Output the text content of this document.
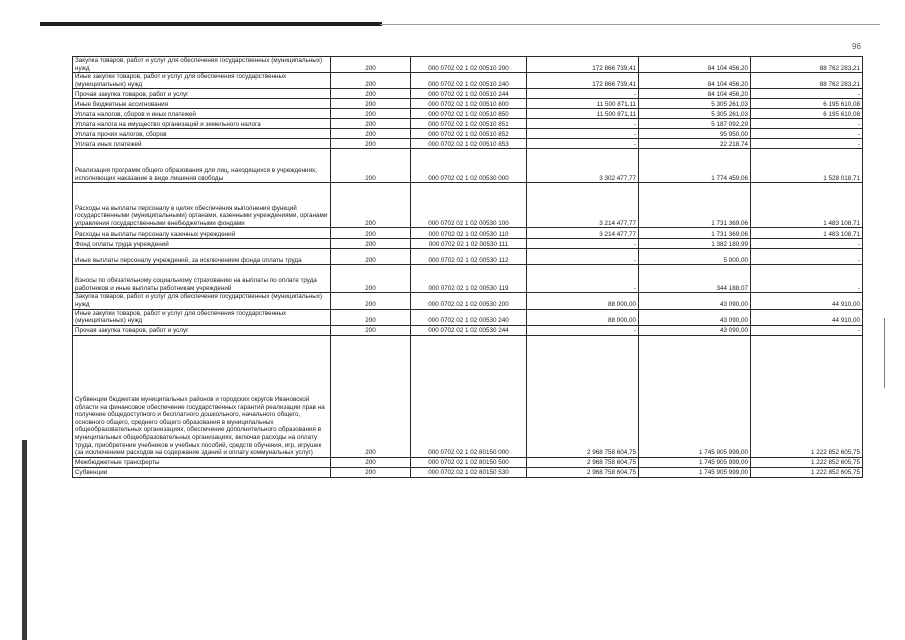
96
Закупка товаров, работ и услуг для обеспечения государственных (муниципальных) нужд	200	000 0702 02 1 02 00510 200	172 866 739,41	84 104 456,20	88 762 283,21
Иные закупки товаров, работ и услуг для обеспечения государственных (муниципальных) нужд	200	000 0702 02 1 02 00510 240	172 866 739,41	84 104 456,20	88 762 283,21
Прочая закупка товаров, работ и услуг	200	000 0702 02 1 02 00510 244	-	84 104 456,20	-
Иные бюджетные ассигнования	200	000 0702 02 1 02 00510 800	11 500 871,11	5 305 261,03	6 195 610,08
Уплата налогов, сборов и иных платежей	200	000 0702 02 1 02 00510 850	11 500 871,11	5 305 261,03	6 195 610,08
Уплата налога на имущество организаций и земельного налога	200	000 0702 02 1 02 00510 851	-	5 187 092,29	-
Уплата прочих налогов, сборов	200	000 0702 02 1 02 00510 852	-	95 950,00	-
Уплата иных платежей	200	000 0702 02 1 02 00510 853	-	22 218,74	-
Реализация программ общего образования для лиц, находящихся в учреждениях, исполняющих наказание в виде лишения свободы	200	000 0702 02 1 02 00530 000	3 302 477,77	1 774 459,06	1 528 018,71
Расходы на выплаты персоналу в целях обеспечения выполнения функций государственными (муниципальными) органами, казенными учреждениями, органами управления государственными внебюджетными фондами	200	000 0702 02 1 02 00530 100	3 214 477,77	1 731 369,06	1 483 108,71
Расходы на выплаты персоналу казенных учреждений	200	000 0702 02 1 02 00530 110	3 214 477,77	1 731 369,06	1 483 108,71
Фонд оплаты труда учреждений	200	000 0702 02 1 02 00530 111	-	1 382 180,99	-
Иные выплаты персоналу учреждений, за исключением фонда оплаты труда	200	000 0702 02 1 02 00530 112	-	5 000,00	-
Взносы по обязательному социальному страхованию на выплаты по оплате труда работников и иные выплаты работникам учреждений	200	000 0702 02 1 02 00530 119	-	344 188,07	-
Закупка товаров, работ и услуг для обеспечения государственных (муниципальных) нужд	200	000 0702 02 1 02 00530 200	88 000,00	43 090,00	44 910,00
Иные закупки товаров, работ и услуг для обеспечения государственных (муниципальных) нужд	200	000 0702 02 1 02 00530 240	88 000,00	43 090,00	44 910,00
Прочая закупка товаров, работ и услуг	200	000 0702 02 1 02 00530 244	-	43 090,00	-
Субвенции бюджетам муниципальных районов и городских округов Ивановской области на финансовое обеспечение государственных гарантий реализации прав на получение общедоступного и бесплатного дошкольного, начального общего, основного общего, среднего общего образования в муниципальных общеобразовательных организациях, обеспечение дополнительного образования в муниципальных общеобразовательных организациях, включая расходы на оплату труда, приобретение учебников и учебных пособий, средств обучения, игр, игрушек (за исключением расходов на содержание зданий и оплату коммунальных услуг)	200	000 0702 02 1 02 80150 000	2 968 758 604,75	1 745 905 999,00	1 222 852 605,75
Межбюджетные трансферты	200	000 0702 02 1 02 80150 500	2 968 758 604,75	1 745 905 999,00	1 222 852 605,75
Субвенции	200	000 0702 02 1 02 80150 530	2 968 758 604,75	1 745 905 999,00	1 222 852 605,75
